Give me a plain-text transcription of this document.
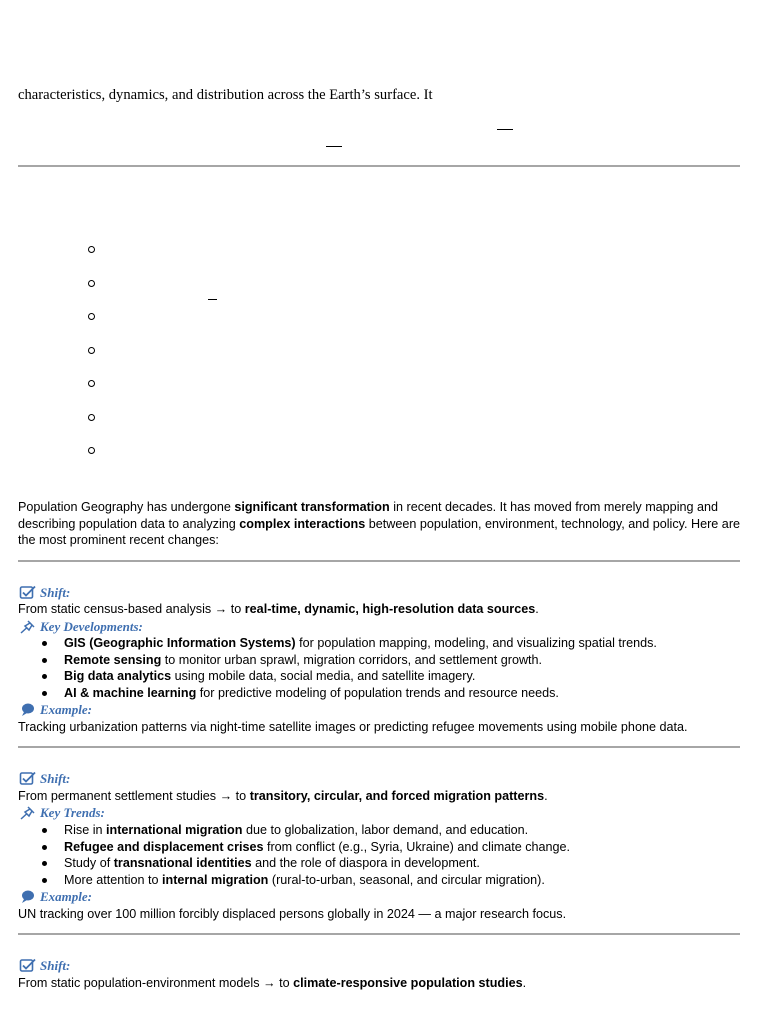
characteristics, dynamics, and distribution across the Earth’s surface. It
Population Geography has undergone significant transformation in recent decades. It has moved from merely mapping and describing population data to analyzing complex interactions between population, environment, technology, and policy. Here are the most prominent recent changes:
Shift:
From static census-based analysis → to real-time, dynamic, high-resolution data sources.
Key Developments:
GIS (Geographic Information Systems) for population mapping, modeling, and visualizing spatial trends.
Remote sensing to monitor urban sprawl, migration corridors, and settlement growth.
Big data analytics using mobile data, social media, and satellite imagery.
AI & machine learning for predictive modeling of population trends and resource needs.
Example:
Tracking urbanization patterns via night-time satellite images or predicting refugee movements using mobile phone data.
Shift:
From permanent settlement studies → to transitory, circular, and forced migration patterns.
Key Trends:
Rise in international migration due to globalization, labor demand, and education.
Refugee and displacement crises from conflict (e.g., Syria, Ukraine) and climate change.
Study of transnational identities and the role of diaspora in development.
More attention to internal migration (rural-to-urban, seasonal, and circular migration).
Example:
UN tracking over 100 million forcibly displaced persons globally in 2024 — a major research focus.
Shift:
From static population-environment models → to climate-responsive population studies.
